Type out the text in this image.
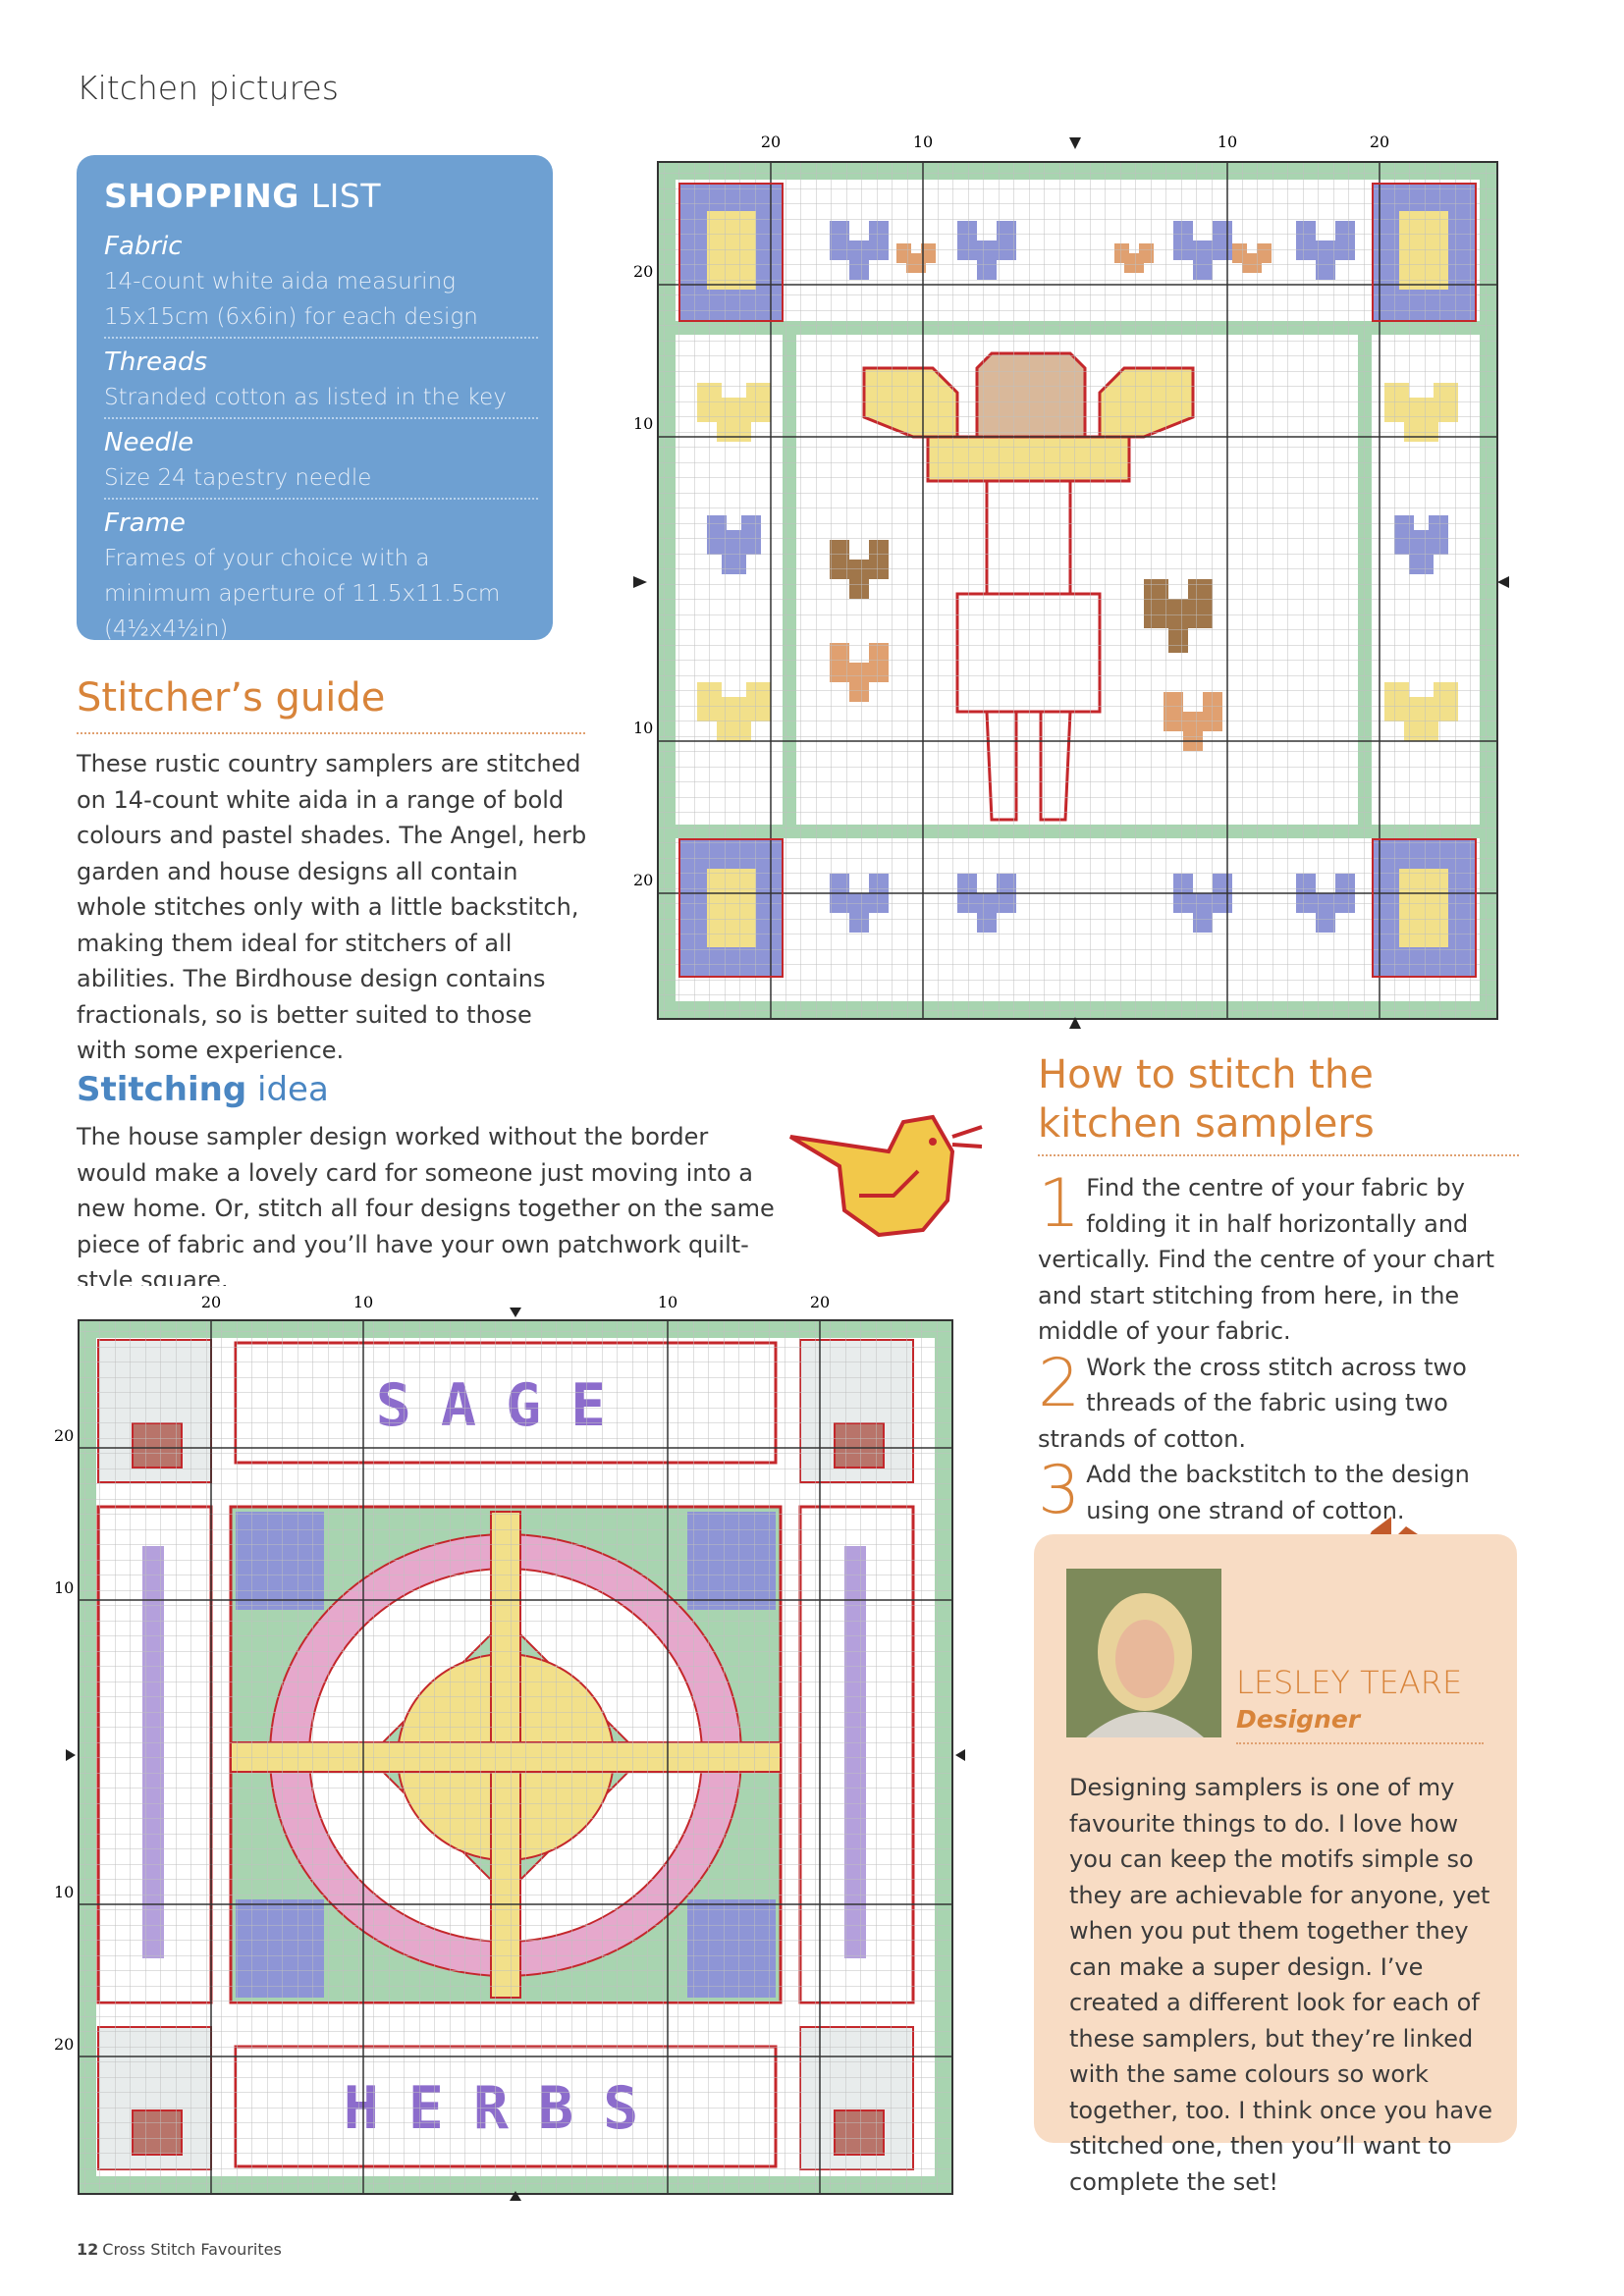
Kitchen pictures
SHOPPING LIST
Fabric
14-count white aida measuring 15x15cm (6x6in) for each design
Threads
Stranded cotton as listed in the key
Needle
Size 24 tapestry needle
Frame
Frames of your choice with a minimum aperture of 11.5x11.5cm (4½x4½in)
Stitcher’s guide
These rustic country samplers are stitched on 14-count white aida in a range of bold colours and pastel shades. The Angel, herb garden and house designs all contain whole stitches only with a little backstitch, making them ideal for stitchers of all abilities. The Birdhouse design contains fractionals, so is better suited to those with some experience.
20	10	10	20
20
10
10
20
Stitching idea
The house sampler design worked without the border would make a lovely card for someone just moving into a new home. Or, stitch all four designs together on the same piece of fabric and you’ll have your own patchwork quilt-style square.
20	10	10	20
20
10
10
20
How to stitch the kitchen samplers
1 Find the centre of your fabric by folding it in half horizontally and vertically. Find the centre of your chart and start stitching from here, in the middle of your fabric.
2 Work the cross stitch across two threads of the fabric using two strands of cotton.
3 Add the backstitch to the design using one strand of cotton.
LESLEY TEARE
Designer
Designing samplers is one of my favourite things to do. I love how you can keep the motifs simple so they are achievable for anyone, yet when you put them together they can make a super design. I’ve created a different look for each of these samplers, but they’re linked with the same colours so work together, too. I think once you have stitched one, then you’ll want to complete the set!
12 Cross Stitch Favourites
